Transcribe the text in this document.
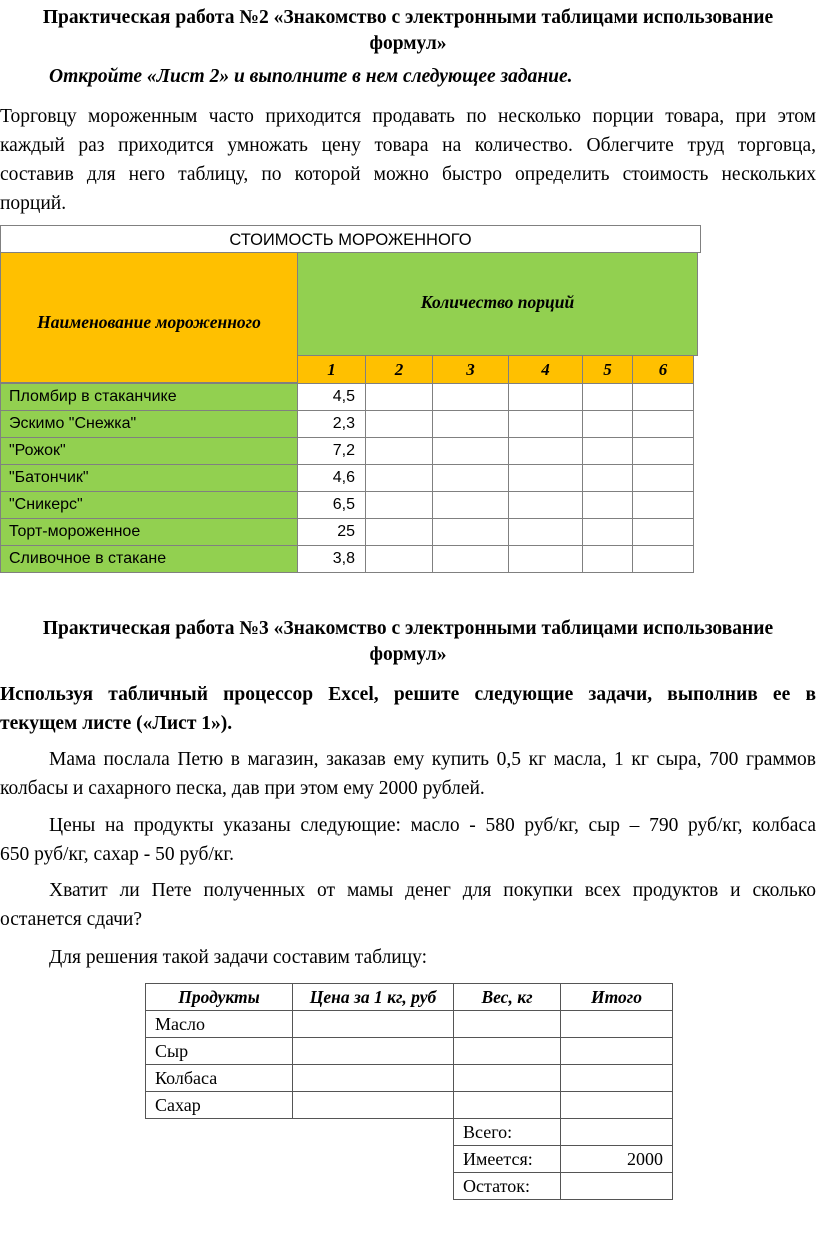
Практическая работа №2 «Знакомство с электронными таблицами использование
формул»
Откройте «Лист 2» и выполните в нем следующее задание.
Торговцу мороженным часто приходится продавать по несколько порции товара, при этом
каждый раз приходится умножать цену товара на количество. Облегчите труд торговца,
составив для него таблицу, по которой можно быстро определить стоимость нескольких
порций.
СТОИМОСТЬ МОРОЖЕННОГО
Наименование мороженного
Количество порций
1	2	3	4	5	6
Пломбир в стаканчике	4,5
Эскимо "Снежка"	2,3
"Рожок"	7,2
"Батончик"	4,6
"Сникерс"	6,5
Торт-мороженное	25
Сливочное в стакане	3,8
Практическая работа №3 «Знакомство с электронными таблицами использование
формул»
Используя табличный процессор Excel, решите следующие задачи, выполнив ее в
текущем листе («Лист 1»).
Мама послала Петю в магазин, заказав ему купить 0,5 кг масла, 1 кг сыра, 700 граммов
колбасы и сахарного песка, дав при этом ему 2000 рублей.
Цены на продукты указаны следующие: масло - 580 руб/кг, сыр – 790 руб/кг, колбаса
650 руб/кг, сахар - 50 руб/кг.
Хватит ли Пете полученных от мамы денег для покупки всех продуктов и сколько
останется сдачи?
Для решения такой задачи составим таблицу:
Продукты	Цена за 1 кг, руб	Вес, кг	Итого
Масло
Сыр
Колбаса
Сахар
Всего:
Имеется:	2000
Остаток:
